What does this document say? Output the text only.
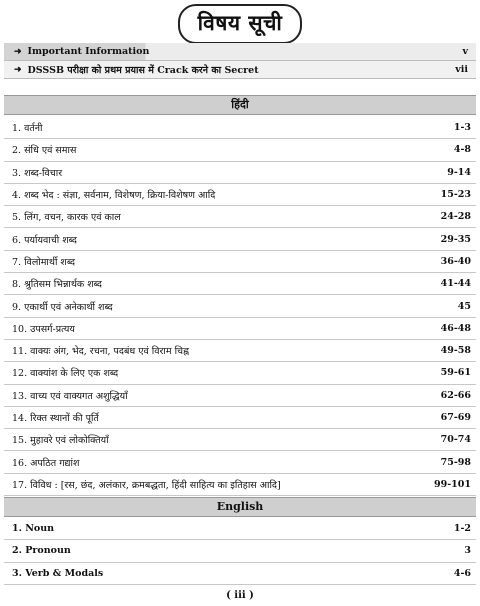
विषय सूची
➜ Important Information	v
➜ DSSSB परीक्षा को प्रथम प्रयास में Crack करने का Secret	vii
हिंदी
1. वर्तनी	1-3
2. संधि एवं समास	4-8
3. शब्द-विचार	9-14
4. शब्द भेद : संज्ञा, सर्वनाम, विशेषण, क्रिया-विशेषण आदि	15-23
5. लिंग, वचन, कारक एवं काल	24-28
6. पर्यायवाची शब्द	29-35
7. विलोमार्थी शब्द	36-40
8. श्रुतिसम भिन्नार्थक शब्द	41-44
9. एकार्थी एवं अनेकार्थी शब्द	45
10. उपसर्ग-प्रत्यय	46-48
11. वाक्यः अंग, भेद, रचना, पदबंध एवं विराम चिह्न	49-58
12. वाक्यांश के लिए एक शब्द	59-61
13. वाच्य एवं वाक्यगत अशुद्धियाँ	62-66
14. रिक्त स्थानों की पूर्ति	67-69
15. मुहावरे एवं लोकोक्तियाँ	70-74
16. अपठित गद्यांश	75-98
17. विविध : [रस, छंद, अलंकार, क्रमबद्धता, हिंदी साहित्य का इतिहास आदि]	99-101
English
1. Noun	1-2
2. Pronoun	3
3. Verb & Modals	4-6
( iii )
